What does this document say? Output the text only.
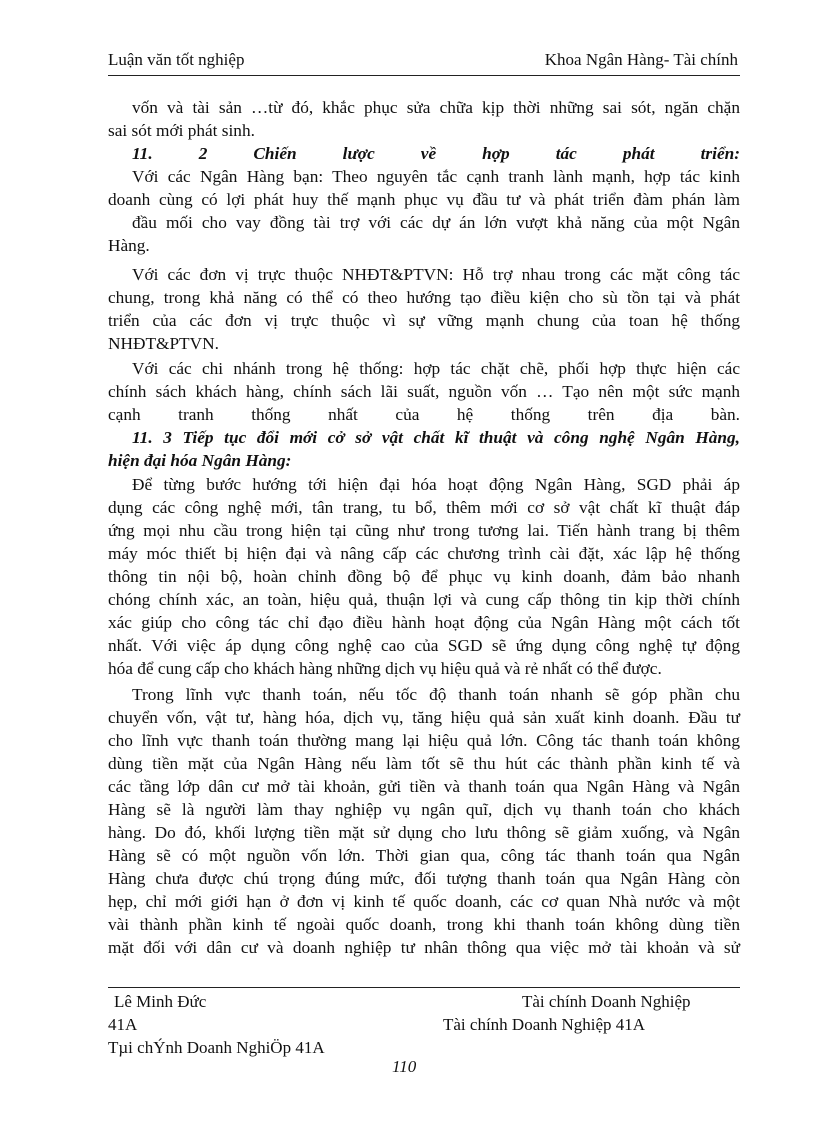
Luận văn tốt nghiệp	Khoa Ngân Hàng- Tài chính
vốn và tài sản …từ đó, khắc phục sửa chữa kịp thời những sai sót, ngăn chặn
sai sót mới phát sinh.
11. 2 Chiến lược về hợp tác phát triển:
Với các Ngân Hàng bạn: Theo nguyên tắc cạnh tranh lành mạnh, hợp tác kinh
doanh cùng có lợi phát huy thế mạnh phục vụ đầu tư và phát triển đàm phán làm
đầu mối cho vay đồng tài trợ với các dự án lớn vượt khả năng của một Ngân
Hàng.
Với các đơn vị trực thuộc NHĐT&PTVN: Hỗ trợ nhau trong các mặt công tác
chung, trong khả năng có thể có theo hướng tạo điều kiện cho sù tồn tại và phát
triển của các đơn vị trực thuộc vì sự vững mạnh chung của toan hệ thống
NHĐT&PTVN.
Với các chi nhánh trong hệ thống: hợp tác chặt chẽ, phối hợp thực hiện các
chính sách khách hàng, chính sách lãi suất, nguồn vốn … Tạo nên một sức mạnh
cạnh tranh thống nhất của hệ thống trên địa bàn.
11. 3 Tiếp tục đổi mới cở sở vật chất kĩ thuật và công nghệ Ngân Hàng,
hiện đại hóa Ngân Hàng:
Để từng bước hướng tới hiện đại hóa hoạt động Ngân Hàng, SGD phải áp
dụng các công nghệ mới, tân trang, tu bổ, thêm mới cơ sở vật chất kĩ thuật đáp
ứng mọi nhu cầu trong hiện tại cũng như trong tương lai. Tiến hành trang bị thêm
máy móc thiết bị hiện đại và nâng cấp các chương trình cài đặt, xác lập hệ thống
thông tin nội bộ, hoàn chỉnh đồng bộ để phục vụ kinh doanh, đảm bảo nhanh
chóng chính xác, an toàn, hiệu quả, thuận lợi và cung cấp thông tin kịp thời chính
xác giúp cho công tác chỉ đạo điều hành hoạt động của Ngân Hàng một cách tốt
nhất. Với việc áp dụng công nghệ cao của SGD sẽ ứng dụng công nghệ tự động
hóa để cung cấp cho khách hàng những dịch vụ hiệu quả và rẻ nhất có thể được.
Trong lĩnh vực thanh toán, nếu tốc độ thanh toán nhanh sẽ góp phần chu
chuyển vốn, vật tư, hàng hóa, dịch vụ, tăng hiệu quả sản xuất kinh doanh. Đầu tư
cho lĩnh vực thanh toán thường mang lại hiệu quả lớn. Công tác thanh toán không
dùng tiền mặt của Ngân Hàng nếu làm tốt sẽ thu hút các thành phần kinh tế và
các tầng lớp dân cư mở tài khoản, gửi tiền và thanh toán qua Ngân Hàng và Ngân
Hàng sẽ là người làm thay nghiệp vụ ngân quĩ, dịch vụ thanh toán cho khách
hàng. Do đó, khối lượng tiền mặt sử dụng cho lưu thông sẽ giảm xuống, và Ngân
Hàng sẽ có một nguồn vốn lớn. Thời gian qua, công tác thanh toán qua Ngân
Hàng chưa được chú trọng đúng mức, đối tượng thanh toán qua Ngân Hàng còn
hẹp, chỉ mới giới hạn ở đơn vị kinh tế quốc doanh, các cơ quan Nhà nước và một
vài thành phần kinh tế ngoài quốc doanh, trong khi thanh toán không dùng tiền
mặt đối với dân cư và doanh nghiệp tư nhân thông qua việc mở tài khoản và sử
Lê Minh Đức	Tài chính Doanh Nghiệp
41A	Tài chính Doanh Nghiệp 41A
Tµi chÝnh Doanh NghiÖp 41A
110
